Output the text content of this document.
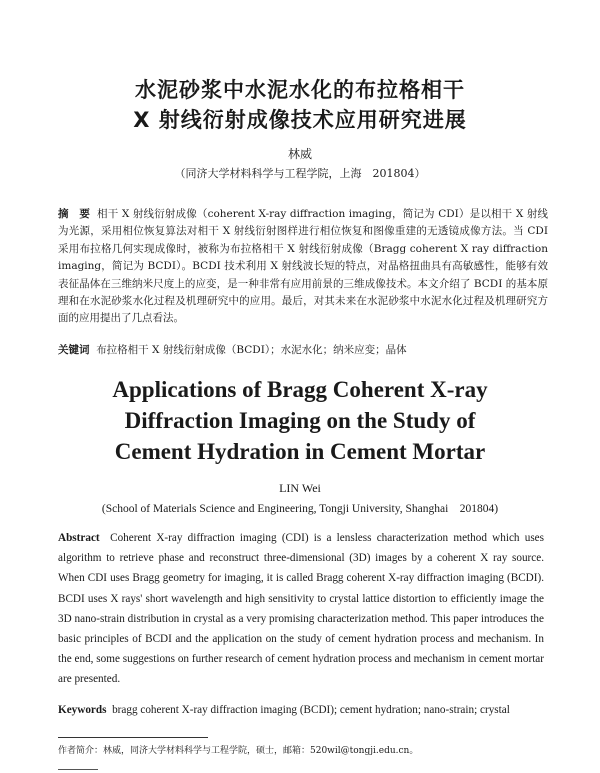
水泥砂浆中水泥水化的布拉格相干
X 射线衍射成像技术应用研究进展
林威
（同济大学材料科学与工程学院，上海　201804）
摘　要 相干 X 射线衍射成像（coherent X-ray diffraction imaging，简记为 CDI）是以相干 X 射线为光源，采用相位恢复算法对相干 X 射线衍射图样进行相位恢复和图像重建的无透镜成像方法。当 CDI 采用布拉格几何实现成像时，被称为布拉格相干 X 射线衍射成像（Bragg coherent X ray diffraction imaging，简记为 BCDI）。BCDI 技术利用 X 射线波长短的特点，对晶格扭曲具有高敏感性，能够有效表征晶体在三维纳米尺度上的应变，是一种非常有应用前景的三维成像技术。本文介绍了 BCDI 的基本原理和在水泥砂浆水化过程及机理研究中的应用。最后，对其未来在水泥砂浆中水泥水化过程及机理研究方面的应用提出了几点看法。
关键词 布拉格相干 X 射线衍射成像（BCDI）；水泥水化；纳米应变；晶体
Applications of Bragg Coherent X-ray
Diffraction Imaging on the Study of
Cement Hydration in Cement Mortar
LIN Wei
(School of Materials Science and Engineering, Tongji University, Shanghai　201804)
Abstract Coherent X-ray diffraction imaging (CDI) is a lensless characterization method which uses algorithm to retrieve phase and reconstruct three-dimensional (3D) images by a coherent X ray source. When CDI uses Bragg geometry for imaging, it is called Bragg coherent X-ray diffraction imaging (BCDI). BCDI uses X rays' short wavelength and high sensitivity to crystal lattice distortion to efficiently image the 3D nano-strain distribution in crystal as a very promising characterization method. This paper introduces the basic principles of BCDI and the application on the study of cement hydration process and mechanism. In the end, some suggestions on further research of cement hydration process and mechanism in cement mortar are presented.
Keywords bragg coherent X-ray diffraction imaging (BCDI); cement hydration; nano-strain; crystal
作者简介：林威，同济大学材料科学与工程学院，硕士，邮箱：520wil@tongji.edu.cn。
